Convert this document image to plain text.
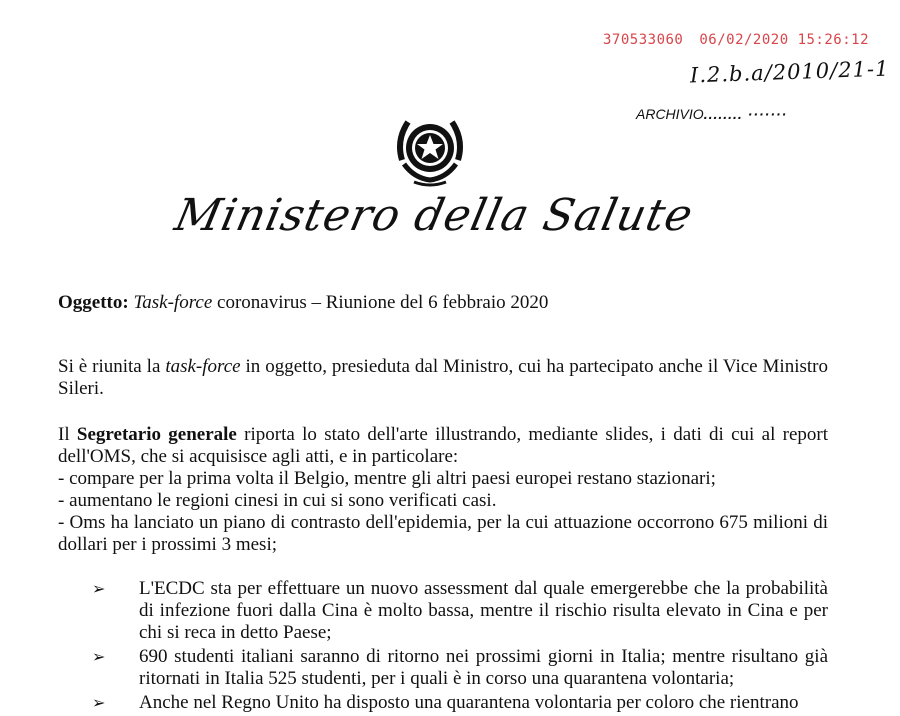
370533060 06/02/2020 15:26:12
I.2.b.a/2010/21-1
ARCHIVIO........ ·······
Ministero della Salute
Oggetto: Task-force coronavirus – Riunione del 6 febbraio 2020
Si è riunita la task-force in oggetto, presieduta dal Ministro, cui ha partecipato anche il Vice Ministro Sileri.
Il Segretario generale riporta lo stato dell'arte illustrando, mediante slides, i dati di cui al report dell'OMS, che si acquisisce agli atti, e in particolare:
- compare per la prima volta il Belgio, mentre gli altri paesi europei restano stazionari;
- aumentano le regioni cinesi in cui si sono verificati casi.
- Oms ha lanciato un piano di contrasto dell'epidemia, per la cui attuazione occorrono 675 milioni di dollari per i prossimi 3 mesi;
➢ L'ECDC sta per effettuare un nuovo assessment dal quale emergerebbe che la probabilità di infezione fuori dalla Cina è molto bassa, mentre il rischio risulta elevato in Cina e per chi si reca in detto Paese;
➢ 690 studenti italiani saranno di ritorno nei prossimi giorni in Italia; mentre risultano già ritornati in Italia 525 studenti, per i quali è in corso una quarantena volontaria;
➢ Anche nel Regno Unito ha disposto una quarantena volontaria per coloro che rientrano
